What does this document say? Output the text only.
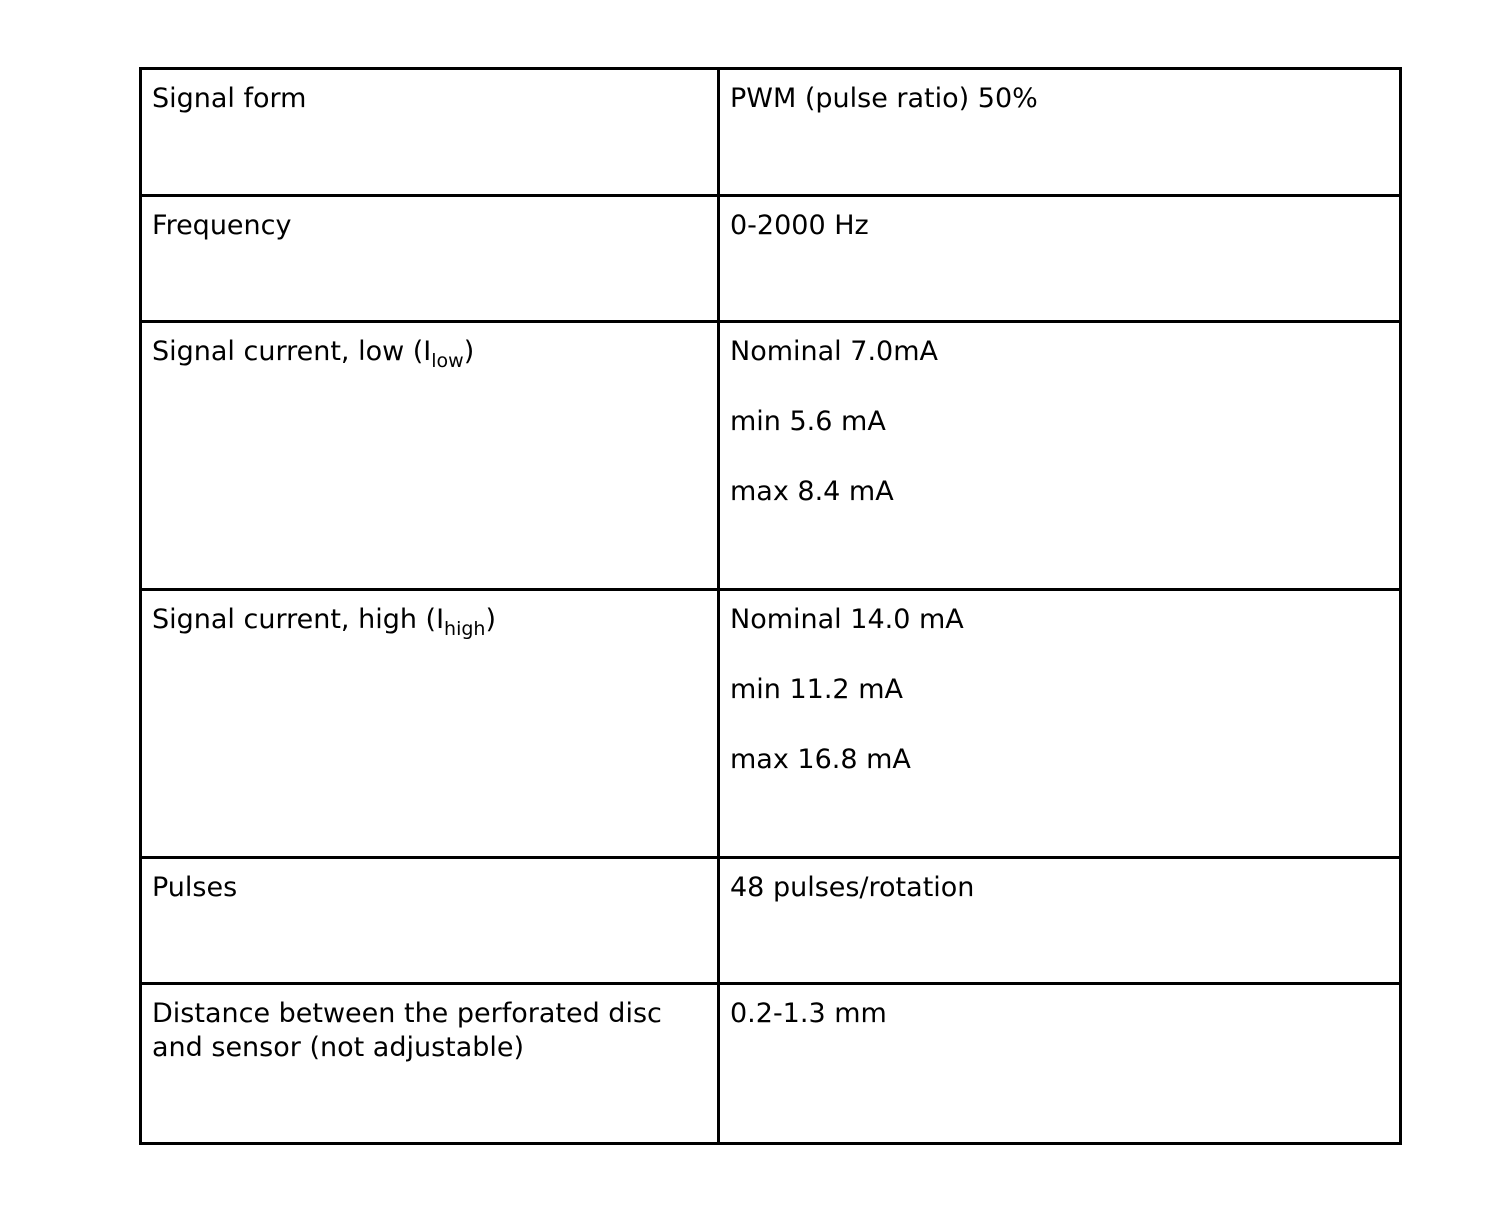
Signal form	PWM (pulse ratio) 50%
Frequency	0-2000 Hz
Signal current, low $(I_{low})$	Nominal 7.0mA
min 5.6 mA
max 8.4 mA

Signal current, high $(I_{high})$	Nominal 14.0 mA
min 11.2 mA
max 16.8 mA

Pulses	48 pulses/rotation

Distance between the perforated disc
and sensor (not adjustable)	0.2-1.3 mm
